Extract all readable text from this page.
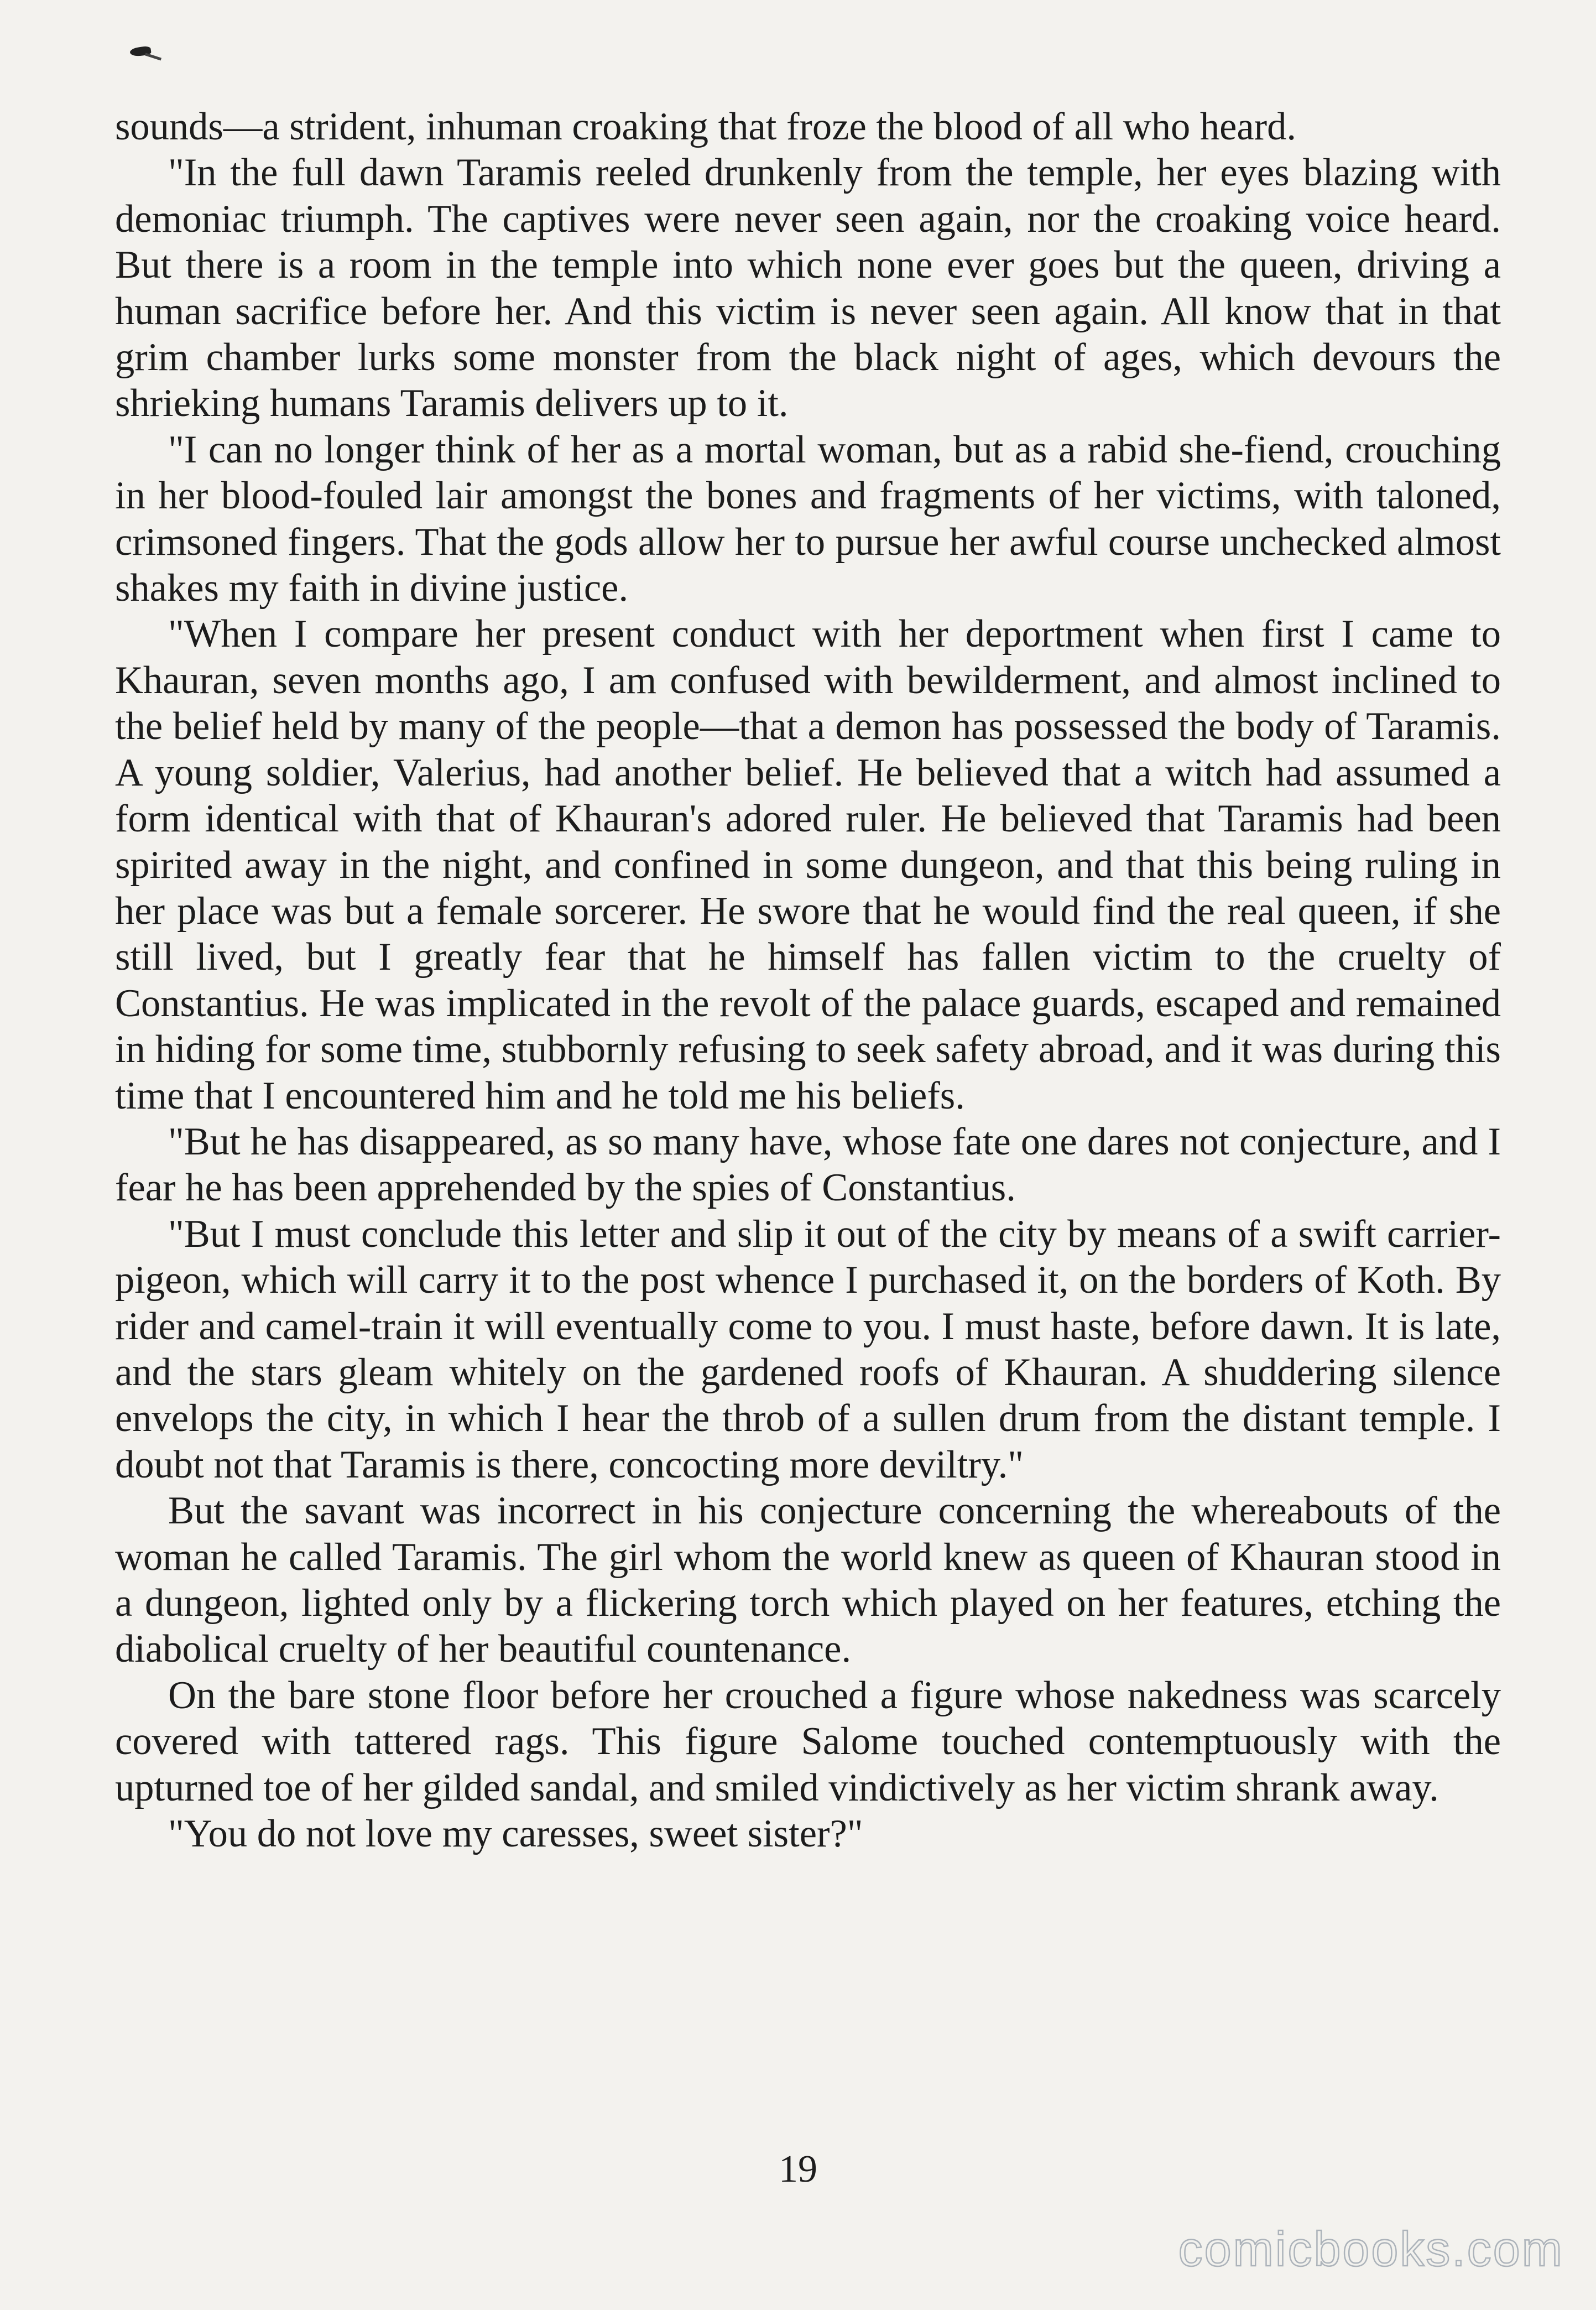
sounds—a strident, inhuman croaking that froze the blood of all who heard.

"In the full dawn Taramis reeled drunkenly from the temple, her eyes blazing with demoniac triumph. The captives were never seen again, nor the croaking voice heard. But there is a room in the temple into which none ever goes but the queen, driving a human sacrifice before her. And this victim is never seen again. All know that in that grim chamber lurks some monster from the black night of ages, which devours the shrieking humans Taramis delivers up to it.

"I can no longer think of her as a mortal woman, but as a rabid she-fiend, crouching in her blood-fouled lair amongst the bones and fragments of her victims, with taloned, crimsoned fingers. That the gods allow her to pursue her awful course unchecked almost shakes my faith in divine justice.

"When I compare her present conduct with her deportment when first I came to Khauran, seven months ago, I am confused with bewilderment, and almost inclined to the belief held by many of the people—that a demon has possessed the body of Taramis. A young soldier, Valerius, had another belief. He believed that a witch had assumed a form identical with that of Khauran's adored ruler. He believed that Taramis had been spirited away in the night, and confined in some dungeon, and that this being ruling in her place was but a female sorcerer. He swore that he would find the real queen, if she still lived, but I greatly fear that he himself has fallen victim to the cruelty of Constantius. He was implicated in the revolt of the palace guards, escaped and remained in hiding for some time, stubbornly refusing to seek safety abroad, and it was during this time that I encountered him and he told me his beliefs.

"But he has disappeared, as so many have, whose fate one dares not conjecture, and I fear he has been apprehended by the spies of Constantius.

"But I must conclude this letter and slip it out of the city by means of a swift carrier-pigeon, which will carry it to the post whence I purchased it, on the borders of Koth. By rider and camel-train it will eventually come to you. I must haste, before dawn. It is late, and the stars gleam whitely on the gardened roofs of Khauran. A shuddering silence envelops the city, in which I hear the throb of a sullen drum from the distant temple. I doubt not that Taramis is there, concocting more deviltry."

But the savant was incorrect in his conjecture concerning the whereabouts of the woman he called Taramis. The girl whom the world knew as queen of Khauran stood in a dungeon, lighted only by a flickering torch which played on her features, etching the diabolical cruelty of her beautiful countenance.

On the bare stone floor before her crouched a figure whose nakedness was scarcely covered with tattered rags. This figure Salome touched contemptuously with the upturned toe of her gilded sandal, and smiled vindictively as her victim shrank away.

"You do not love my caresses, sweet sister?"

19
comicbooks.com
